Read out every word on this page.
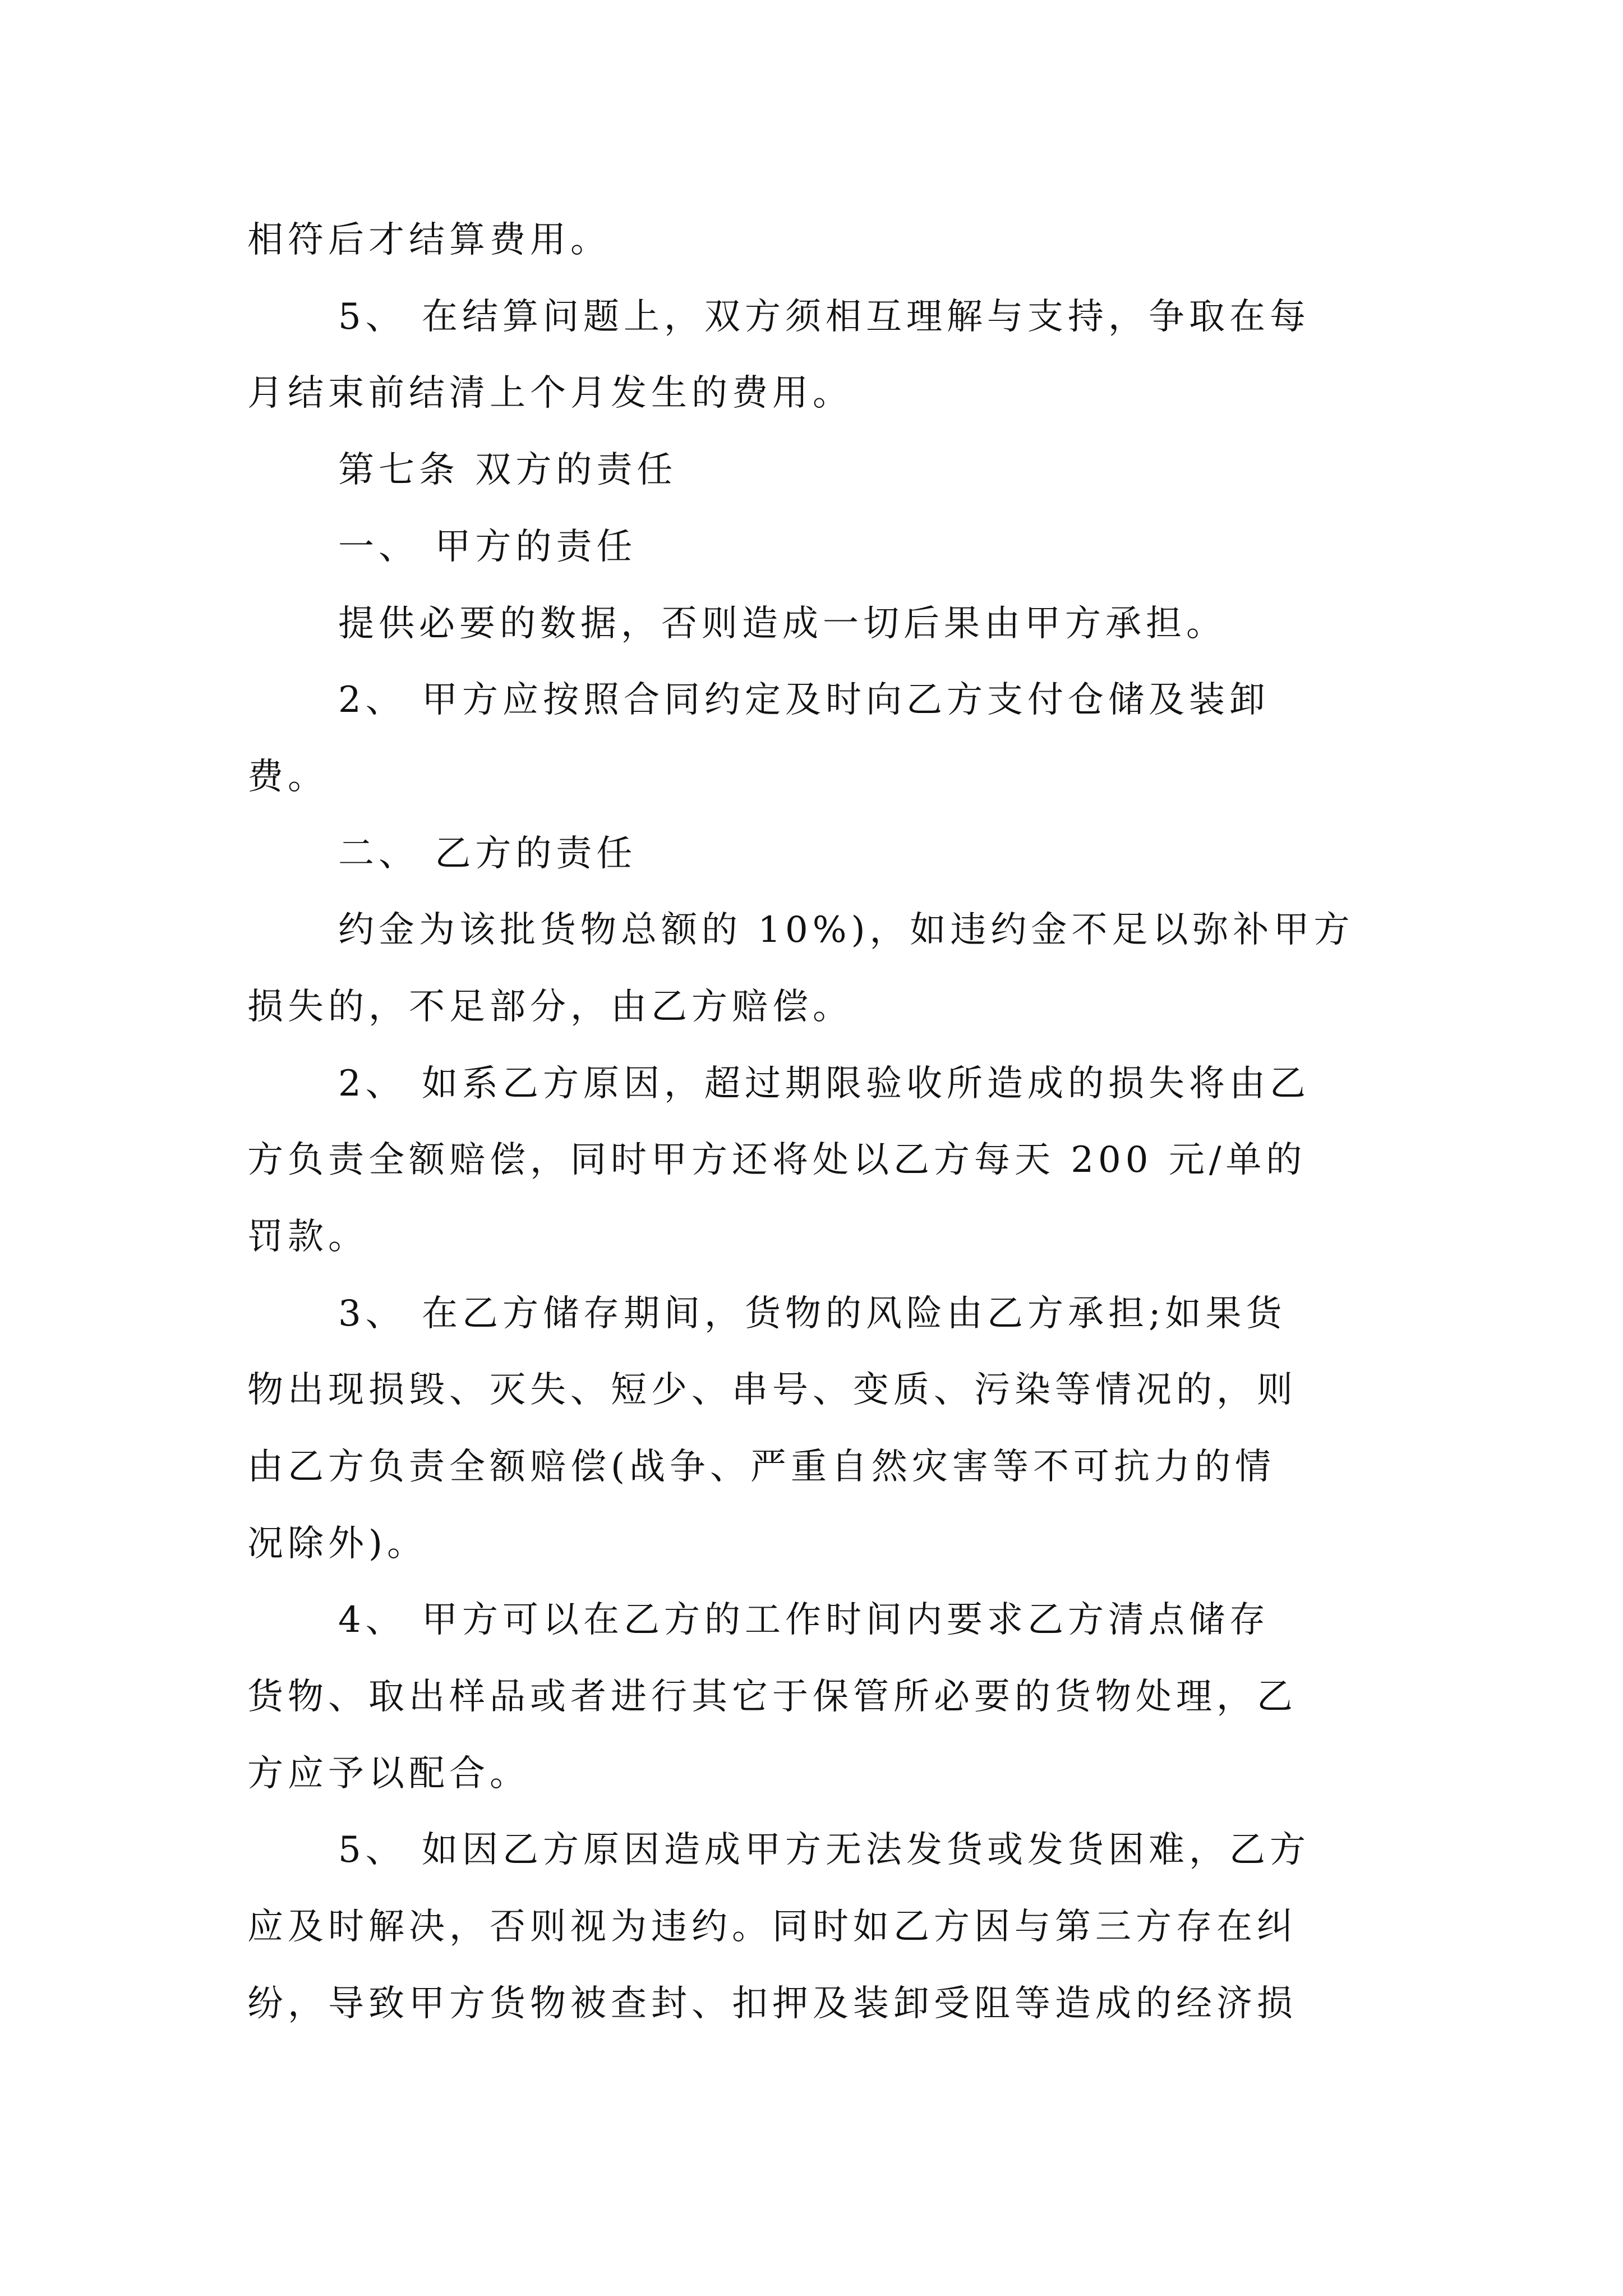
相符后才结算费用。
5、 在结算问题上，双方须相互理解与支持，争取在每
月结束前结清上个月发生的费用。
第七条 双方的责任
一、 甲方的责任
提供必要的数据，否则造成一切后果由甲方承担。
2、 甲方应按照合同约定及时向乙方支付仓储及装卸
费。
二、 乙方的责任
约金为该批货物总额的 10%)，如违约金不足以弥补甲方
损失的，不足部分，由乙方赔偿。
2、 如系乙方原因，超过期限验收所造成的损失将由乙
方负责全额赔偿，同时甲方还将处以乙方每天 200 元/单的
罚款。
3、 在乙方储存期间，货物的风险由乙方承担;如果货
物出现损毁、灭失、短少、串号、变质、污染等情况的，则
由乙方负责全额赔偿(战争、严重自然灾害等不可抗力的情
况除外)。
4、 甲方可以在乙方的工作时间内要求乙方清点储存
货物、取出样品或者进行其它于保管所必要的货物处理，乙
方应予以配合。
5、 如因乙方原因造成甲方无法发货或发货困难，乙方
应及时解决，否则视为违约。同时如乙方因与第三方存在纠
纷，导致甲方货物被查封、扣押及装卸受阻等造成的经济损
